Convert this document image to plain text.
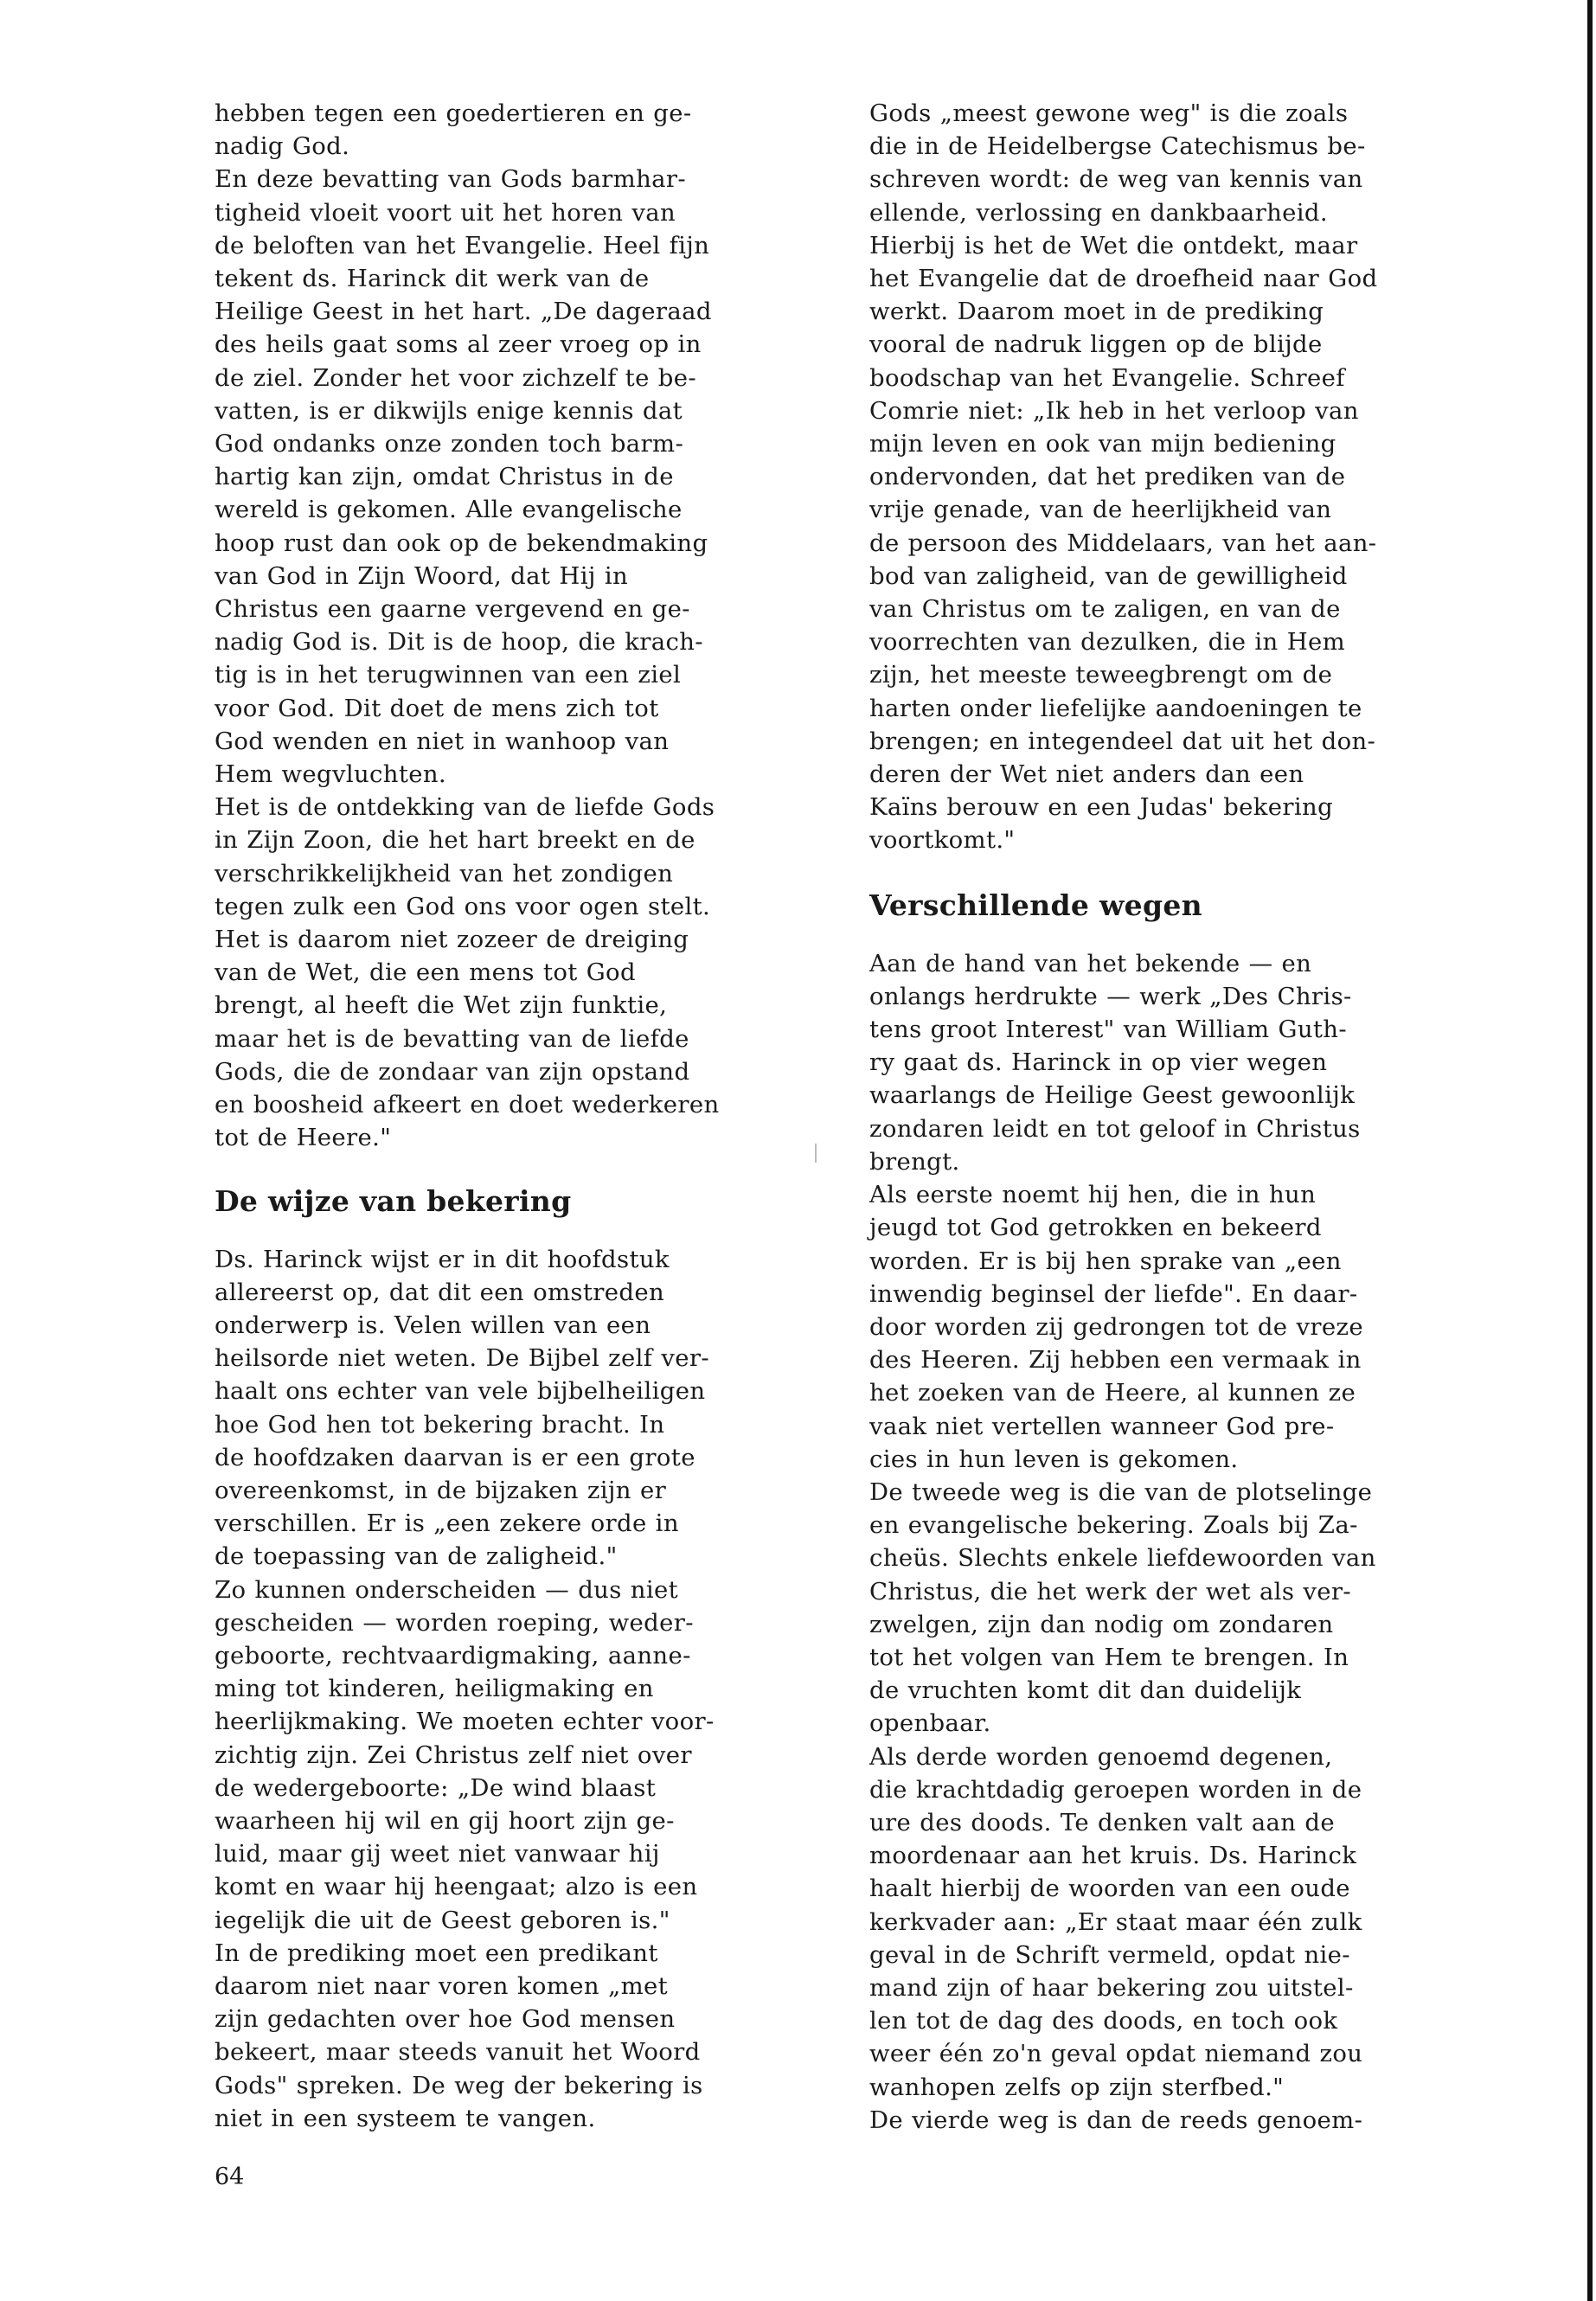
hebben tegen een goedertieren en ge-
nadig God.
En deze bevatting van Gods barmhar-
tigheid vloeit voort uit het horen van
de beloften van het Evangelie. Heel fijn
tekent ds. Harinck dit werk van de
Heilige Geest in het hart. „De dageraad
des heils gaat soms al zeer vroeg op in
de ziel. Zonder het voor zichzelf te be-
vatten, is er dikwijls enige kennis dat
God ondanks onze zonden toch barm-
hartig kan zijn, omdat Christus in de
wereld is gekomen. Alle evangelische
hoop rust dan ook op de bekendmaking
van God in Zijn Woord, dat Hij in
Christus een gaarne vergevend en ge-
nadig God is. Dit is de hoop, die krach-
tig is in het terugwinnen van een ziel
voor God. Dit doet de mens zich tot
God wenden en niet in wanhoop van
Hem wegvluchten.
Het is de ontdekking van de liefde Gods
in Zijn Zoon, die het hart breekt en de
verschrikkelijkheid van het zondigen
tegen zulk een God ons voor ogen stelt.
Het is daarom niet zozeer de dreiging
van de Wet, die een mens tot God
brengt, al heeft die Wet zijn funktie,
maar het is de bevatting van de liefde
Gods, die de zondaar van zijn opstand
en boosheid afkeert en doet wederkeren
tot de Heere."
De wijze van bekering
Ds. Harinck wijst er in dit hoofdstuk
allereerst op, dat dit een omstreden
onderwerp is. Velen willen van een
heilsorde niet weten. De Bijbel zelf ver-
haalt ons echter van vele bijbelheiligen
hoe God hen tot bekering bracht. In
de hoofdzaken daarvan is er een grote
overeenkomst, in de bijzaken zijn er
verschillen. Er is „een zekere orde in
de toepassing van de zaligheid."
Zo kunnen onderscheiden — dus niet
gescheiden — worden roeping, weder-
geboorte, rechtvaardigmaking, aanne-
ming tot kinderen, heiligmaking en
heerlijkmaking. We moeten echter voor-
zichtig zijn. Zei Christus zelf niet over
de wedergeboorte: „De wind blaast
waarheen hij wil en gij hoort zijn ge-
luid, maar gij weet niet vanwaar hij
komt en waar hij heengaat; alzo is een
iegelijk die uit de Geest geboren is."
In de prediking moet een predikant
daarom niet naar voren komen „met
zijn gedachten over hoe God mensen
bekeert, maar steeds vanuit het Woord
Gods" spreken. De weg der bekering is
niet in een systeem te vangen.
Gods „meest gewone weg" is die zoals
die in de Heidelbergse Catechismus be-
schreven wordt: de weg van kennis van
ellende, verlossing en dankbaarheid.
Hierbij is het de Wet die ontdekt, maar
het Evangelie dat de droefheid naar God
werkt. Daarom moet in de prediking
vooral de nadruk liggen op de blijde
boodschap van het Evangelie. Schreef
Comrie niet: „Ik heb in het verloop van
mijn leven en ook van mijn bediening
ondervonden, dat het prediken van de
vrije genade, van de heerlijkheid van
de persoon des Middelaars, van het aan-
bod van zaligheid, van de gewilligheid
van Christus om te zaligen, en van de
voorrechten van dezulken, die in Hem
zijn, het meeste teweegbrengt om de
harten onder liefelijke aandoeningen te
brengen; en integendeel dat uit het don-
deren der Wet niet anders dan een
Kaïns berouw en een Judas' bekering
voortkomt."
Verschillende wegen
Aan de hand van het bekende — en
onlangs herdrukte — werk „Des Chris-
tens groot Interest" van William Guth-
ry gaat ds. Harinck in op vier wegen
waarlangs de Heilige Geest gewoonlijk
zondaren leidt en tot geloof in Christus
brengt.
Als eerste noemt hij hen, die in hun
jeugd tot God getrokken en bekeerd
worden. Er is bij hen sprake van „een
inwendig beginsel der liefde". En daar-
door worden zij gedrongen tot de vreze
des Heeren. Zij hebben een vermaak in
het zoeken van de Heere, al kunnen ze
vaak niet vertellen wanneer God pre-
cies in hun leven is gekomen.
De tweede weg is die van de plotselinge
en evangelische bekering. Zoals bij Za-
cheüs. Slechts enkele liefdewoorden van
Christus, die het werk der wet als ver-
zwelgen, zijn dan nodig om zondaren
tot het volgen van Hem te brengen. In
de vruchten komt dit dan duidelijk
openbaar.
Als derde worden genoemd degenen,
die krachtdadig geroepen worden in de
ure des doods. Te denken valt aan de
moordenaar aan het kruis. Ds. Harinck
haalt hierbij de woorden van een oude
kerkvader aan: „Er staat maar één zulk
geval in de Schrift vermeld, opdat nie-
mand zijn of haar bekering zou uitstel-
len tot de dag des doods, en toch ook
weer één zo'n geval opdat niemand zou
wanhopen zelfs op zijn sterfbed."
De vierde weg is dan de reeds genoem-
64
